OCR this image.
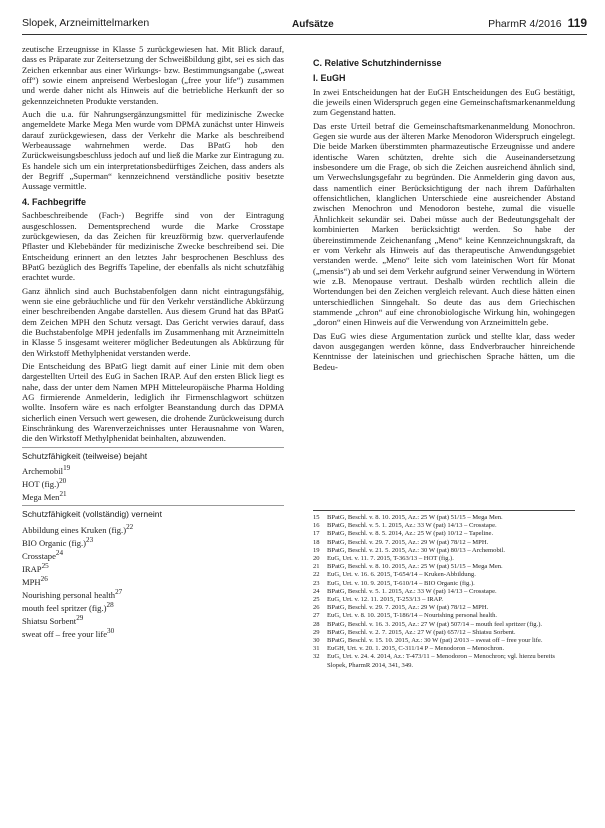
Slopek, Arzneimittelmarken	Aufsätze	PharmR 4/2016 119

zeutische Erzeugnisse in Klasse 5 zurückgewiesen hat. Mit Blick darauf, dass es Präparate zur Zeitersetzung der Schweißbildung gibt, sei es sich das Zeichen erkennbar aus einer Wirkungs- bzw. Bestimmungsangabe („sweat off“) sowie einem anpreisend Werbeslogan („free your life“) zusammen und werde daher nicht als Hinweis auf die betriebliche Herkunft der so gekennzeichneten Produkte verstanden.

Auch die u.a. für Nahrungsergänzungsmittel für medizinische Zwecke angemeldete Marke Mega Men wurde vom DPMA zunächst unter Hinweis darauf zurückgewiesen, dass der Verkehr die Marke als beschreibend Werbeaussage wahrnehmen werde. Das BPatG hob den Zurückweisungsbeschluss jedoch auf und ließ die Marke zur Eintragung zu. Es handele sich um ein interpretationsbedürftiges Zeichen, dass anders als der Begriff „Superman“ kennzeichnend verständliche positiv besetzte Aussage vermittle.

4. Fachbegriffe

Sachbeschreibende (Fach-) Begriffe sind von der Eintragung ausgeschlossen. Dementsprechend wurde die Marke Crosstape zurückgewiesen, da das Zeichen für kreuzförmig bzw. querverlaufende Pflaster und Klebebänder für medizinische Zwecke beschreibend sei. Die Entscheidung erinnert an den letztes Jahr besprochenen Beschluss des BPatG bezüglich des Begriffs Tapeline, der ebenfalls als nicht schutzfähig erachtet wurde.

Ganz ähnlich sind auch Buchstabenfolgen dann nicht eintragungsfähig, wenn sie eine gebräuchliche und für den Verkehr verständliche Abkürzung einer beschreibenden Angabe darstellen. Aus diesem Grund hat das BPatG dem Zeichen MPH den Schutz versagt. Das Gericht verwies darauf, dass die Buchstabenfolge MPH jedenfalls im Zusammenhang mit Arzneimitteln in Klasse 5 insgesamt weiterer möglicher Bedeutungen als Abkürzung für den Wirkstoff Methylphenidat verstanden werde.

Die Entscheidung des BPatG liegt damit auf einer Linie mit dem oben dargestellten Urteil des EuG in Sachen IRAP. Auf den ersten Blick liegt es nahe, dass der unter dem Namen MPH Mitteleuropäische Pharma Holding AG firmierende Anmelderin, lediglich ihr Firmenschlagwort schützen wollte. Insofern wäre es nach erfolgter Beanstandung durch das DPMA sicherlich einen Versuch wert gewesen, die drohende Zurückweisung durch Einschränkung des Warenverzeichnisses unter Herausnahme von Waren, die den Wirkstoff Methylphenidat beinhalten, abzuwenden.

Schutzfähigkeit (teilweise) bejaht
Archemobil$^{19}$
HOT $(fig.)^{20}$
Mega Men$^{21}$
Schutzfähigkeit (vollständig) verneint
Abbildung eines Kruken $(fig.)^{22}$
BIO Organic $(fig.)^{23}$
Crosstape$^{24}$
IRAP$^{25}$
MPH$^{26}$
Nourishing personal health$^{27}$
mouth feel spritzer $(fig.)^{28}$
Shiatsu Sorbent$^{29}$
sweat off – free your life$^{30}$
C. Relative Schutzhindernisse
I. EuGH

In zwei Entscheidungen hat der EuGH Entscheidungen des EuG bestätigt, die jeweils einen Widerspruch gegen eine Gemeinschaftsmarkenanmeldung zum Gegenstand hatten.

Das erste Urteil betraf die Gemeinschaftsmarkenanmeldung Monochron. Gegen sie wurde aus der älteren Marke Menodoron Widerspruch eingelegt. Die beide Marken überstimmten pharmazeutische Erzeugnisse und andere identische Waren schützten, drehte sich die Auseinandersetzung insbesondere um die Frage, ob sich die Zeichen ausreichend ähnlich sind, um Verwechslungsgefahr zu begründen. Die Anmelderin ging davon aus, dass namentlich einer Berücksichtigung der nach ihrem Dafürhalten offensichtlichen, klanglichen Unterschiede eine ausreichender Abstand zwischen Menochron und Menodoron bestehe, zumal die visuelle Ähnlichkeit sekundär sei. Dabei müsse auch der Bedeutungsgehalt der kombinierten Marken berücksichtigt werden. So habe der übereinstimmende Zeichenanfang „Meno“ keine Kennzeichnungskraft, da er vom Verkehr als Hinweis auf das therapeutische Anwendungsgebiet verstanden werde. „Meno“ leite sich vom lateinischen Wort für Monat („mensis“) ab und sei dem Verkehr aufgrund seiner Verwendung in Wörtern wie z.B. Menopause vertraut. Deshalb würden rechtlich allein die Wortendungen bei den Zeichen vergleich relevant. Auch diese hätten einen unterschiedlichen Sinngehalt. So deute das aus dem Griechischen stammende „chron“ auf eine chronobiologische Wirkung hin, wohingegen „doron“ einen Hinweis auf die Verwendung von Arzneimitteln gebe.

Das EuG wies diese Argumentation zurück und stellte klar, dass weder davon ausgegangen werden könne, dass Endverbraucher hinreichende Kenntnisse der lateinischen und griechischen Sprache hätten, um die Bedeu-

15	BPatG, Beschl. v. 8. 10. 2015, Az.: 25 W (pat) 51/15 – Mega Men.
16	BPatG, Beschl. v. 5. 1. 2015, Az.: 33 W (pat) 14/13 – Crosstape.
17	BPatG, Beschl. v. 8. 5. 2014, Az.: 25 W (pat) 10/12 – Tapeline.
18	BPatG, Beschl. v. 29. 7. 2015, Az.: 29 W (pat) 78/12 – MPH.
19	BPatG, Beschl. v. 21. 5. 2015, Az.: 30 W (pat) 80/13 – Archemobil.
20	EuG, Urt. v. 11. 7. 2015, T-363/13 – HOT (fig.).
21	BPatG, Beschl. v. 8. 10. 2015, Az.: 25 W (pat) 51/15 – Mega Men.
22	EuG, Urt. v. 16. 6. 2015, T-654/14 – Kruken-Abbildung.
23	EuG, Urt. v. 10. 9. 2015, T-610/14 – BIO Organic (fig.).
24	BPatG, Beschl. v. 5. 1. 2015, Az.: 33 W (pat) 14/13 – Crosstape.
25	EuG, Urt. v. 12. 11. 2015, T-253/13 – IRAP.
26	BPatG, Beschl. v. 29. 7. 2015, Az.: 29 W (pat) 78/12 – MPH.
27	EuG, Urt. v. 8. 10. 2015, T-186/14 – Nourishing personal health.
28	BPatG, Beschl. v. 16. 3. 2015, Az.: 27 W (pat) 507/14 – mouth feel spritzer (fig.).
29	BPatG, Beschl. v. 2. 7. 2015, Az.: 27 W (pat) 657/12 – Shiatsu Sorbent.
30	BPatG, Beschl. v. 15. 10. 2015, Az.: 30 W (pat) 2/013 – sweat off – free your life.
31	EuGH, Urt. v. 20. 1. 2015, C-311/14 P – Menodoron – Menochron.
32	EuG, Urt. v. 24. 4. 2014, Az.: T-473/11 – Menodoron – Menochron; vgl. hierzu bereits Slopek, PharmR 2014, 341, 349.
